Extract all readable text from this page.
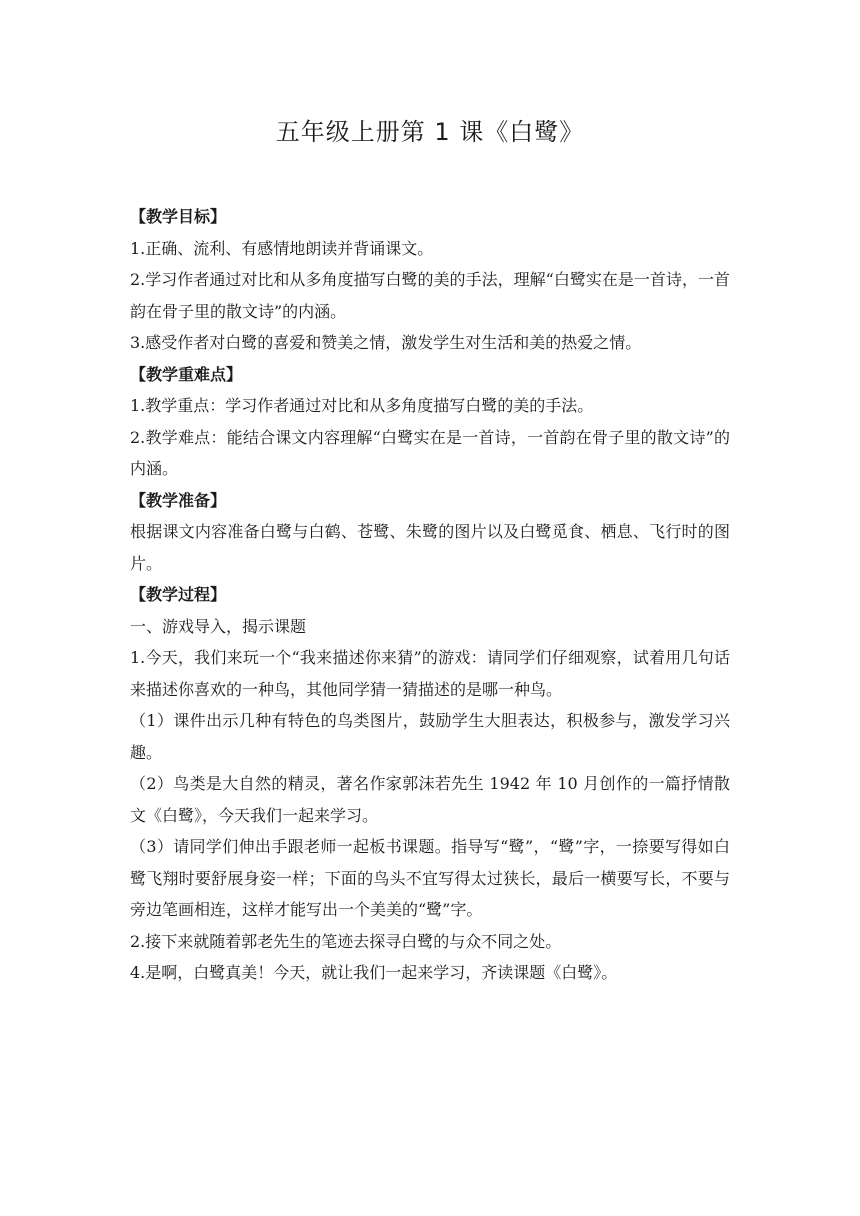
五年级上册第 1 课《白鹭》

【教学目标】

1.正确、流利、有感情地朗读并背诵课文。

2.学习作者通过对比和从多角度描写白鹭的美的手法，理解“白鹭实在是一首诗，一首韵在骨子里的散文诗”的内涵。

3.感受作者对白鹭的喜爱和赞美之情，激发学生对生活和美的热爱之情。

【教学重难点】

1.教学重点：学习作者通过对比和从多角度描写白鹭的美的手法。

2.教学难点：能结合课文内容理解“白鹭实在是一首诗，一首韵在骨子里的散文诗”的内涵。

【教学准备】

根据课文内容准备白鹭与白鹤、苍鹭、朱鹭的图片以及白鹭觅食、栖息、飞行时的图片。

【教学过程】

一、游戏导入，揭示课题

1.今天，我们来玩一个“我来描述你来猜”的游戏：请同学们仔细观察，试着用几句话来描述你喜欢的一种鸟，其他同学猜一猜描述的是哪一种鸟。

（1）课件出示几种有特色的鸟类图片，鼓励学生大胆表达，积极参与，激发学习兴趣。

（2）鸟类是大自然的精灵，著名作家郭沫若先生 1942 年 10 月创作的一篇抒情散文《白鹭》，今天我们一起来学习。

（3）请同学们伸出手跟老师一起板书课题。指导写“鹭”，“鹭”字，一捺要写得如白鹭飞翔时要舒展身姿一样；下面的鸟头不宜写得太过狭长，最后一横要写长，不要与旁边笔画相连，这样才能写出一个美美的“鹭”字。

2.接下来就随着郭老先生的笔迹去探寻白鹭的与众不同之处。

4.是啊，白鹭真美！今天，就让我们一起来学习，齐读课题《白鹭》。
